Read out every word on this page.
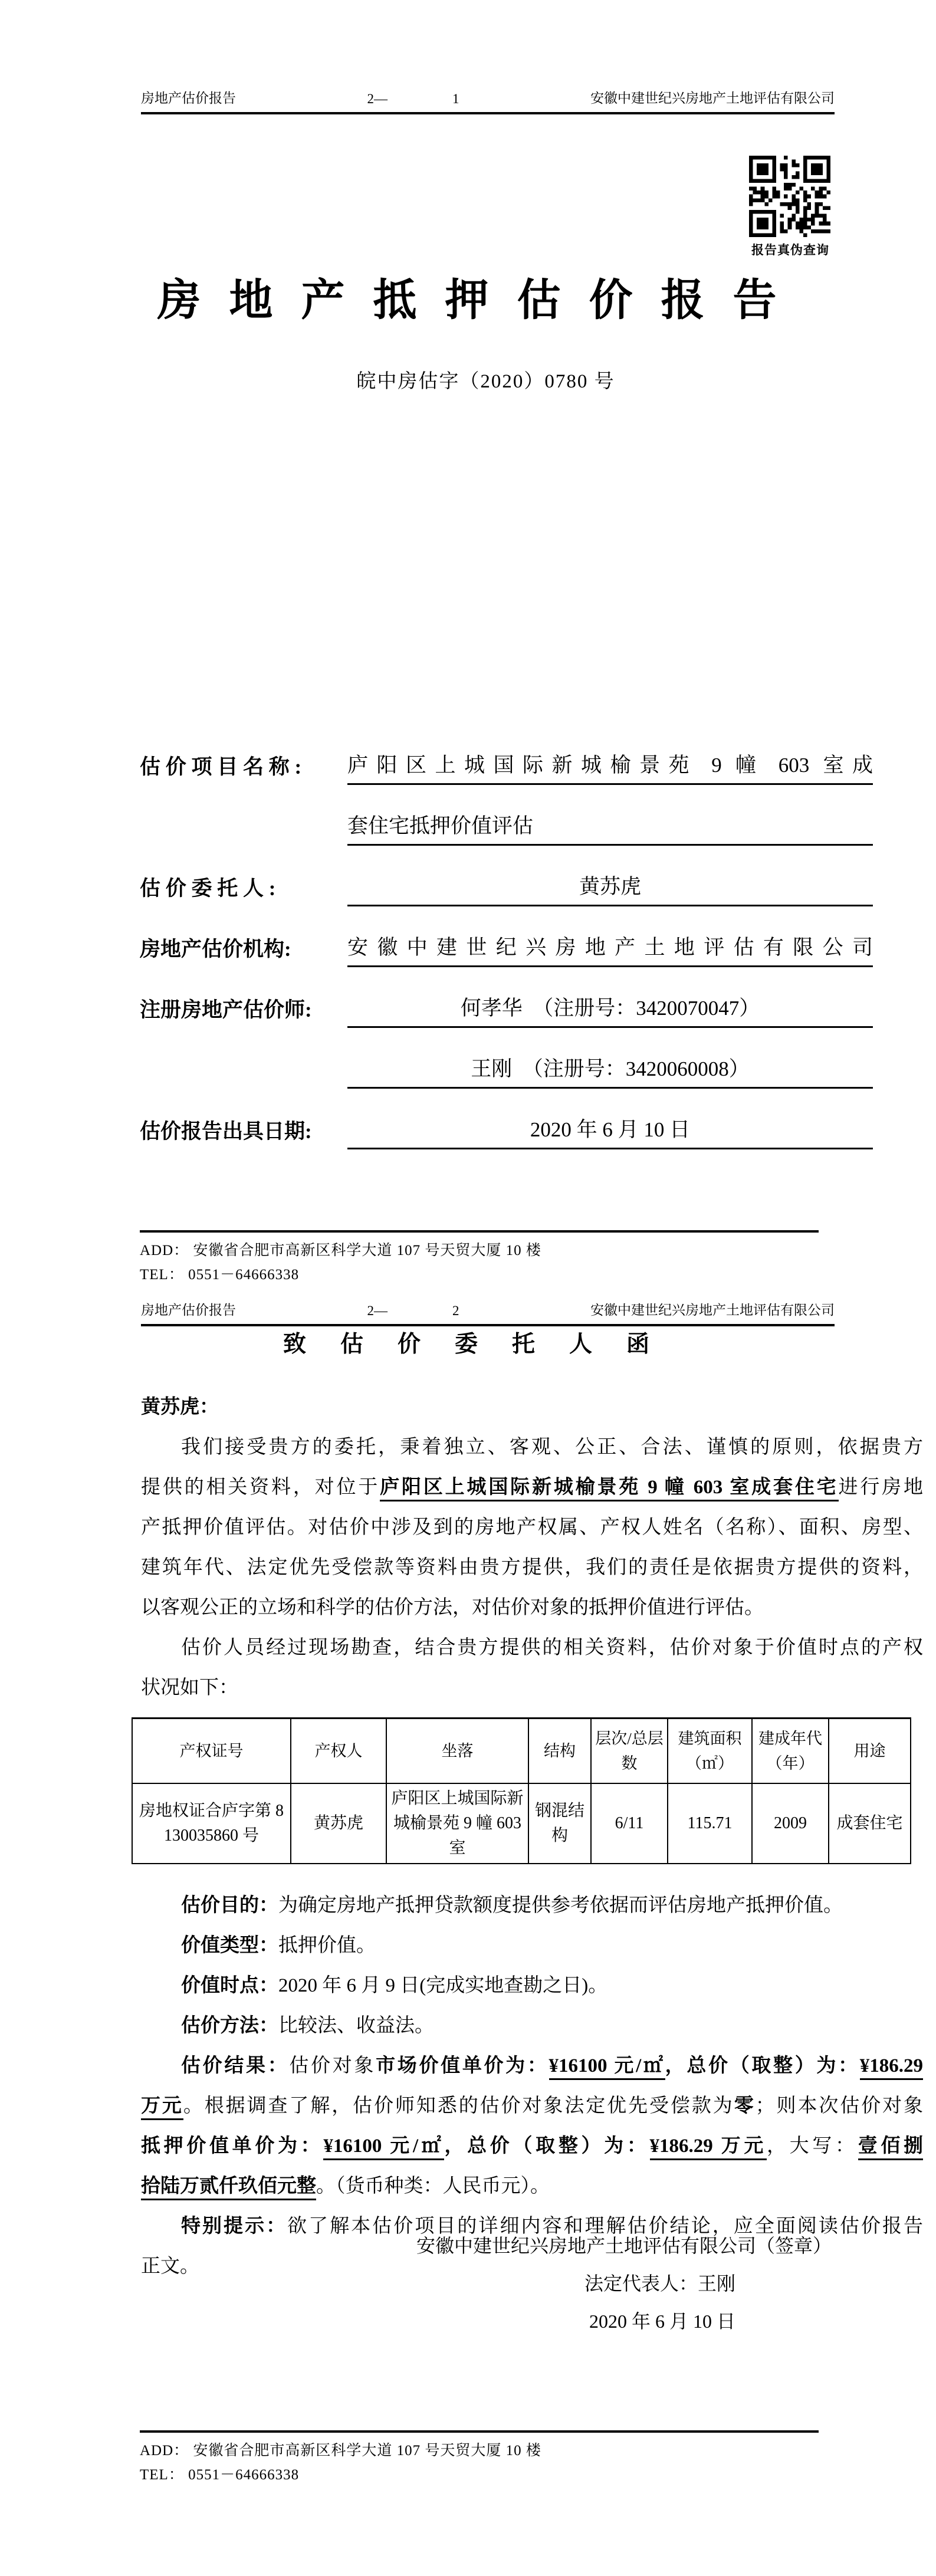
房地产估价报告	2—	1	安徽中建世纪兴房地产土地评估有限公司
报告真伪查询
房地产抵押估价报告
皖中房估字（2020）0780 号
估 价 项 目 名 称 :	庐阳区上城国际新城榆景苑 9 幢 603 室成
套住宅抵押价值评估
估 价 委 托 人 :	黄苏虎
房地产估价机构:	安徽中建世纪兴房地产土地评估有限公司
注册房地产估价师:	何孝华　（注册号：3420070047）
王刚　（注册号：3420060008）
估价报告出具日期:	2020 年 6 月 10 日
ADD： 安徽省合肥市高新区科学大道 107 号天贸大厦 10 楼
TEL： 0551－64666338
房地产估价报告	2—	2	安徽中建世纪兴房地产土地评估有限公司
致估价委托人函
黄苏虎：
我们接受贵方的委托，秉着独立、客观、公正、合法、谨慎的原则，依据贵方
提供的相关资料，对位于庐阳区上城国际新城榆景苑 9 幢 603 室成套住宅进行房地
产抵押价值评估。对估价中涉及到的房地产权属、产权人姓名（名称）、面积、房型、
建筑年代、法定优先受偿款等资料由贵方提供，我们的责任是依据贵方提供的资料，
以客观公正的立场和科学的估价方法，对估价对象的抵押价值进行评估。
估价人员经过现场勘查，结合贵方提供的相关资料，估价对象于价值时点的产权
状况如下：
产权证号	产权人	坐落	结构	层次/总层数	建筑面积（㎡）	建成年代（年）	用途
房地权证合庐字第 8130035860 号	黄苏虎	庐阳区上城国际新城榆景苑 9 幢 603 室	钢混结构	6/11	115.71	2009	成套住宅
估价目的：为确定房地产抵押贷款额度提供参考依据而评估房地产抵押价值。
价值类型：抵押价值。
价值时点：2020 年 6 月 9 日(完成实地查勘之日)。
估价方法：比较法、收益法。
估价结果：估价对象市场价值单价为：¥16100 元/㎡，总价（取整）为：¥186.29
万元。根据调查了解，估价师知悉的估价对象法定优先受偿款为零；则本次估价对象
抵押价值单价为：¥16100 元/㎡，总价（取整）为：¥186.29 万元，大写：壹佰捌
拾陆万贰仟玖佰元整。（货币种类：人民币元）。
特别提示：欲了解本估价项目的详细内容和理解估价结论，应全面阅读估价报告
正文。
安徽中建世纪兴房地产土地评估有限公司（签章）
法定代表人：王刚
2020 年 6 月 10 日
ADD： 安徽省合肥市高新区科学大道 107 号天贸大厦 10 楼
TEL： 0551－64666338
